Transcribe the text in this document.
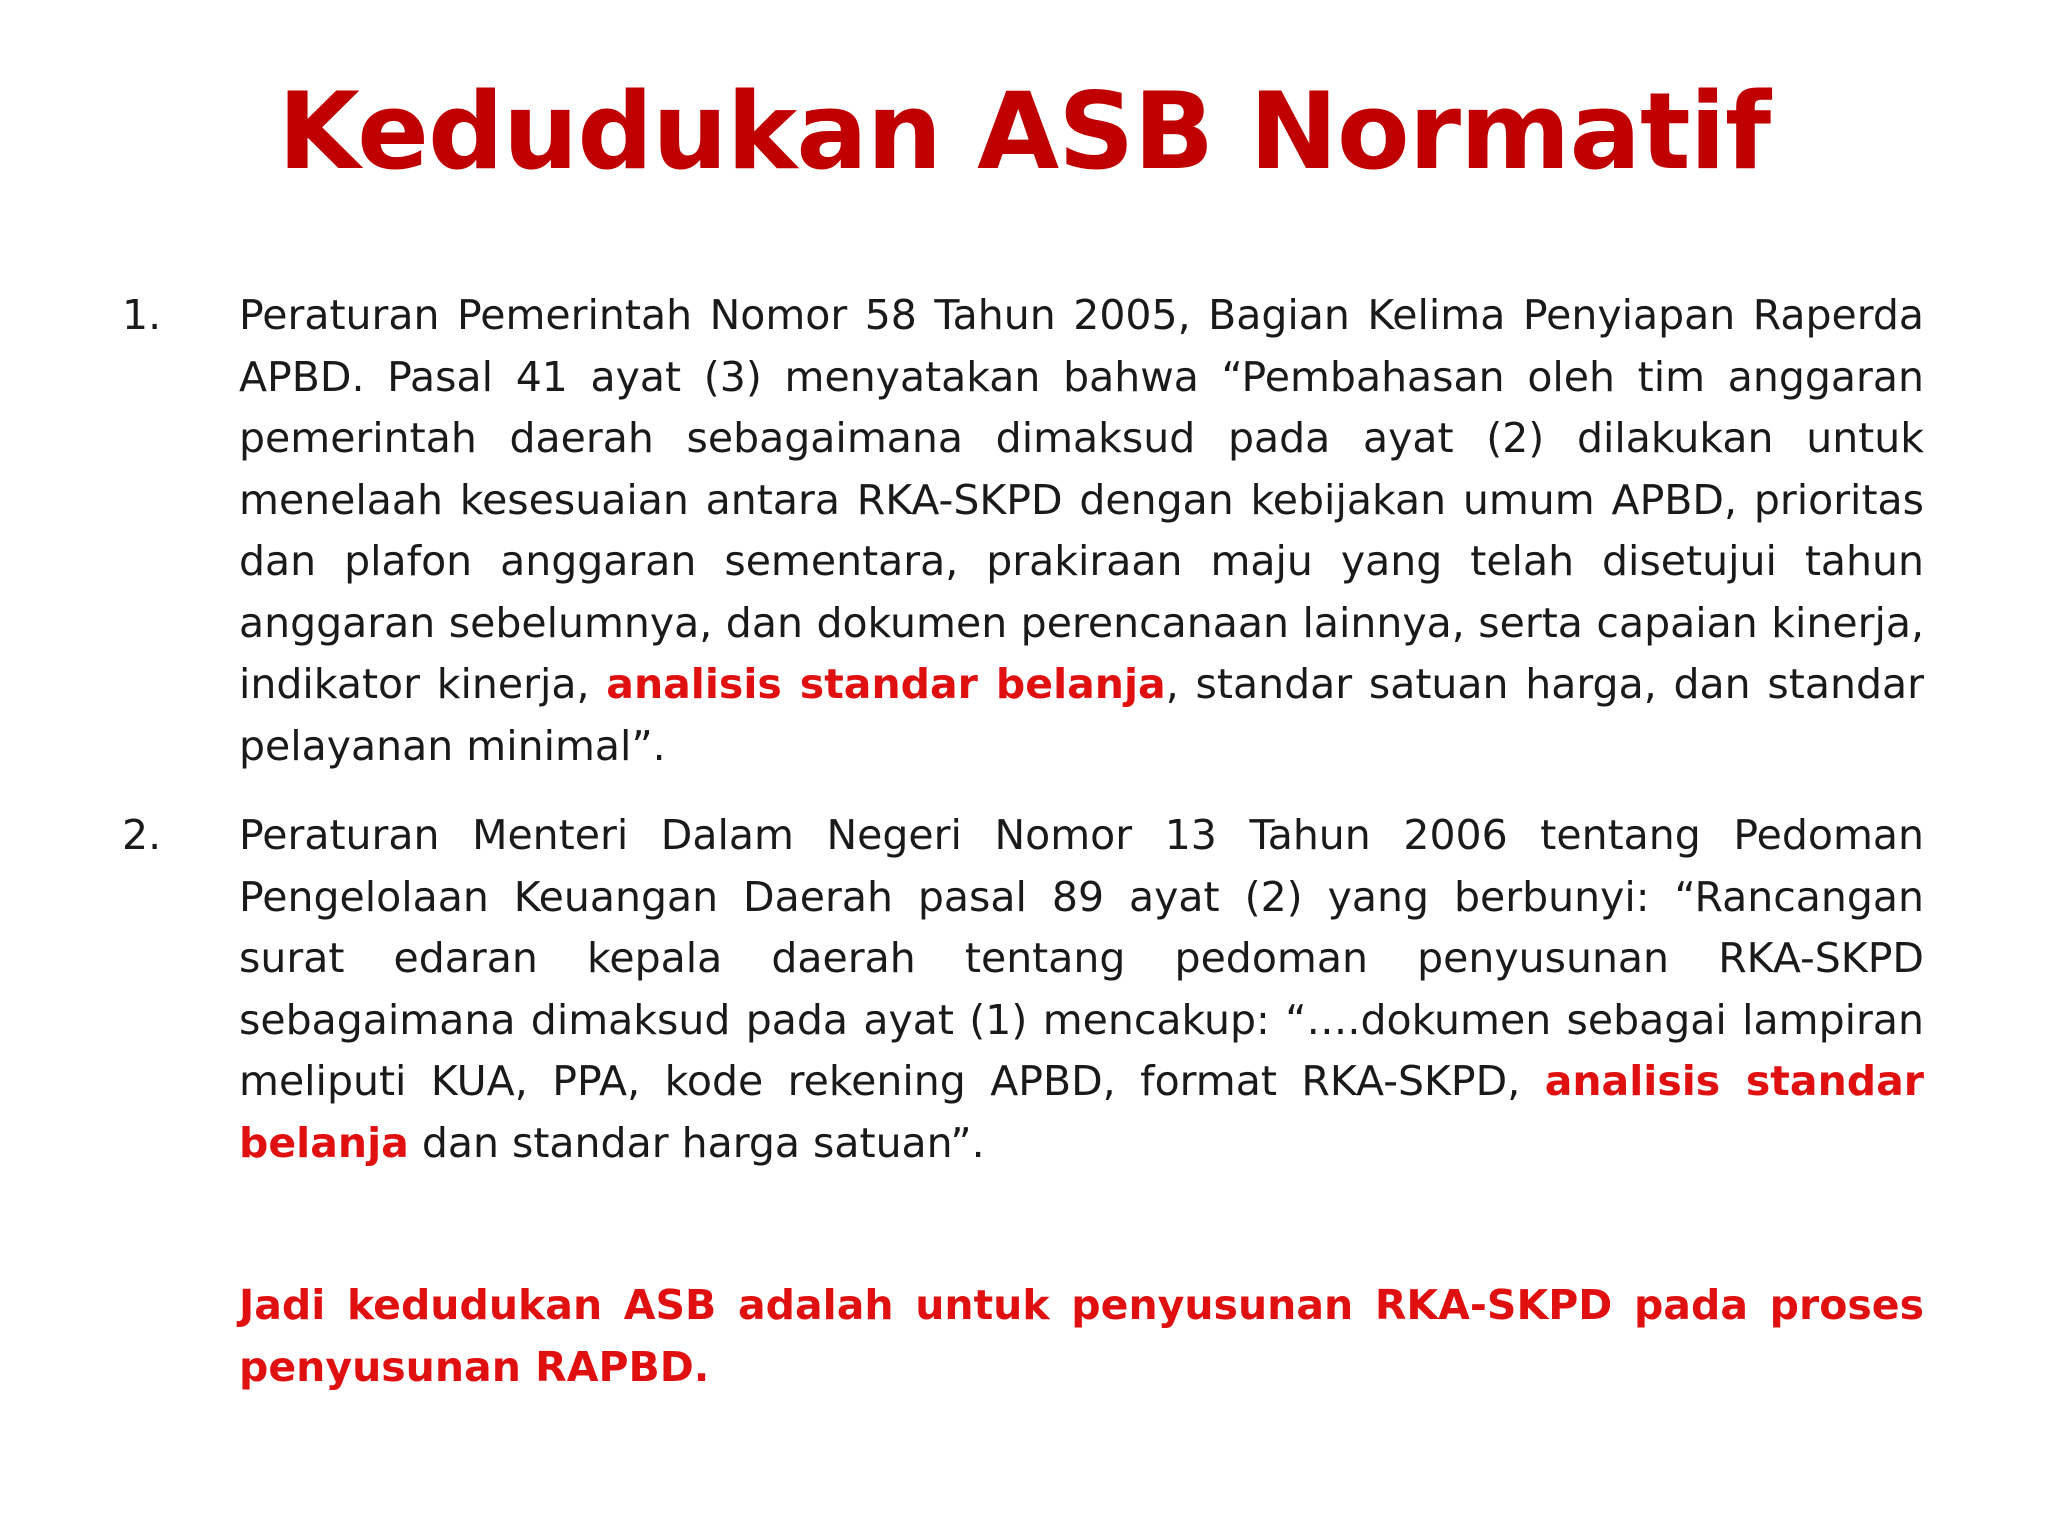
Kedudukan ASB Normatif
1.	Peraturan Pemerintah Nomor 58 Tahun 2005, Bagian Kelima Penyiapan Raperda APBD. Pasal 41 ayat (3) menyatakan bahwa “Pembahasan oleh tim anggaran pemerintah daerah sebagaimana dimaksud pada ayat (2) dilakukan untuk menelaah kesesuaian antara RKA-SKPD dengan kebijakan umum APBD, prioritas dan plafon anggaran sementara, prakiraan maju yang telah disetujui tahun anggaran sebelumnya, dan dokumen perencanaan lainnya, serta capaian kinerja, indikator kinerja, analisis standar belanja, standar satuan harga, dan standar pelayanan minimal”.
2.	Peraturan Menteri Dalam Negeri Nomor 13 Tahun 2006 tentang Pedoman Pengelolaan Keuangan Daerah pasal 89 ayat (2) yang berbunyi: “Rancangan surat edaran kepala daerah tentang pedoman penyusunan RKA-SKPD sebagaimana dimaksud pada ayat (1) mencakup: “….dokumen sebagai lampiran meliputi KUA, PPA, kode rekening APBD, format RKA-SKPD, analisis standar belanja dan standar harga satuan”.
Jadi kedudukan ASB adalah untuk penyusunan RKA-SKPD pada proses penyusunan RAPBD.
